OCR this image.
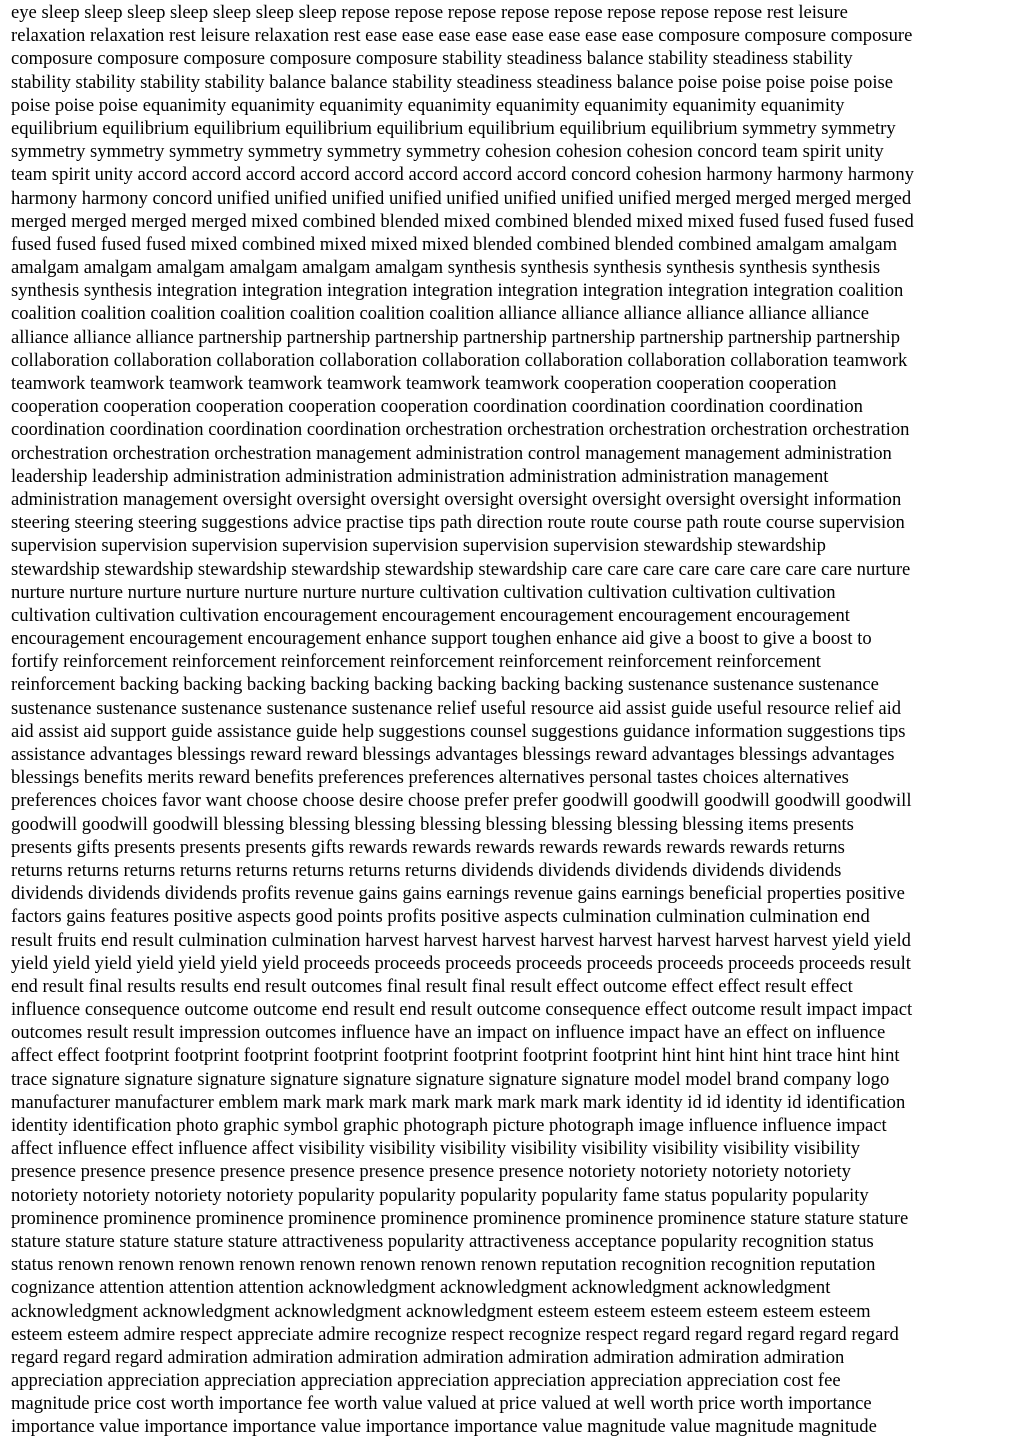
eye sleep sleep sleep sleep sleep sleep sleep repose repose repose repose repose repose repose repose rest leisure
relaxation relaxation rest leisure relaxation rest ease ease ease ease ease ease ease ease composure composure composure
composure composure composure composure composure stability steadiness balance stability steadiness stability
stability stability stability stability balance balance stability steadiness steadiness balance poise poise poise poise poise
poise poise poise equanimity equanimity equanimity equanimity equanimity equanimity equanimity equanimity
equilibrium equilibrium equilibrium equilibrium equilibrium equilibrium equilibrium equilibrium symmetry symmetry
symmetry symmetry symmetry symmetry symmetry symmetry cohesion cohesion cohesion concord team spirit unity
team spirit unity accord accord accord accord accord accord accord accord concord cohesion harmony harmony harmony
harmony harmony concord unified unified unified unified unified unified unified unified merged merged merged merged
merged merged merged merged mixed combined blended mixed combined blended mixed mixed fused fused fused fused
fused fused fused fused mixed combined mixed mixed mixed blended combined blended combined amalgam amalgam
amalgam amalgam amalgam amalgam amalgam amalgam synthesis synthesis synthesis synthesis synthesis synthesis
synthesis synthesis integration integration integration integration integration integration integration integration coalition
coalition coalition coalition coalition coalition coalition coalition alliance alliance alliance alliance alliance alliance
alliance alliance alliance partnership partnership partnership partnership partnership partnership partnership partnership
collaboration collaboration collaboration collaboration collaboration collaboration collaboration collaboration teamwork
teamwork teamwork teamwork teamwork teamwork teamwork teamwork cooperation cooperation cooperation
cooperation cooperation cooperation cooperation cooperation coordination coordination coordination coordination
coordination coordination coordination coordination orchestration orchestration orchestration orchestration orchestration
orchestration orchestration orchestration management administration control management management administration
leadership leadership administration administration administration administration administration management
administration management oversight oversight oversight oversight oversight oversight oversight oversight information
steering steering steering suggestions advice practise tips path direction route route course path route course supervision
supervision supervision supervision supervision supervision supervision supervision stewardship stewardship
stewardship stewardship stewardship stewardship stewardship stewardship care care care care care care care care nurture
nurture nurture nurture nurture nurture nurture nurture cultivation cultivation cultivation cultivation cultivation
cultivation cultivation cultivation encouragement encouragement encouragement encouragement encouragement
encouragement encouragement encouragement enhance support toughen enhance aid give a boost to give a boost to
fortify reinforcement reinforcement reinforcement reinforcement reinforcement reinforcement reinforcement
reinforcement backing backing backing backing backing backing backing backing sustenance sustenance sustenance
sustenance sustenance sustenance sustenance sustenance relief useful resource aid assist guide useful resource relief aid
aid assist aid support guide assistance guide help suggestions counsel suggestions guidance information suggestions tips
assistance advantages blessings reward reward blessings advantages blessings reward advantages blessings advantages
blessings benefits merits reward benefits preferences preferences alternatives personal tastes choices alternatives
preferences choices favor want choose choose desire choose prefer prefer goodwill goodwill goodwill goodwill goodwill
goodwill goodwill goodwill blessing blessing blessing blessing blessing blessing blessing blessing items presents
presents gifts presents presents presents gifts rewards rewards rewards rewards rewards rewards rewards returns
returns returns returns returns returns returns returns returns dividends dividends dividends dividends dividends
dividends dividends dividends profits revenue gains gains earnings revenue gains earnings beneficial properties positive
factors gains features positive aspects good points profits positive aspects culmination culmination culmination end
result fruits end result culmination culmination harvest harvest harvest harvest harvest harvest harvest harvest yield yield
yield yield yield yield yield yield yield proceeds proceeds proceeds proceeds proceeds proceeds proceeds proceeds result
end result final results results end result outcomes final result final result effect outcome effect effect result effect
influence consequence outcome outcome end result end result outcome consequence effect outcome result impact impact
outcomes result result impression outcomes influence have an impact on influence impact have an effect on influence
affect effect footprint footprint footprint footprint footprint footprint footprint footprint hint hint hint hint trace hint hint
trace signature signature signature signature signature signature signature signature model model brand company logo
manufacturer manufacturer emblem mark mark mark mark mark mark mark mark identity id id identity id identification
identity identification photo graphic symbol graphic photograph picture photograph image influence influence impact
affect influence effect influence affect visibility visibility visibility visibility visibility visibility visibility visibility
presence presence presence presence presence presence presence presence notoriety notoriety notoriety notoriety
notoriety notoriety notoriety notoriety popularity popularity popularity popularity fame status popularity popularity
prominence prominence prominence prominence prominence prominence prominence prominence stature stature stature
stature stature stature stature stature attractiveness popularity attractiveness acceptance popularity recognition status
status renown renown renown renown renown renown renown renown reputation recognition recognition reputation
cognizance attention attention attention acknowledgment acknowledgment acknowledgment acknowledgment
acknowledgment acknowledgment acknowledgment acknowledgment esteem esteem esteem esteem esteem esteem
esteem esteem admire respect appreciate admire recognize respect recognize respect regard regard regard regard regard
regard regard regard admiration admiration admiration admiration admiration admiration admiration admiration
appreciation appreciation appreciation appreciation appreciation appreciation appreciation appreciation cost fee
magnitude price cost worth importance fee worth value valued at price valued at well worth price worth importance
importance value importance importance value importance importance value magnitude value magnitude magnitude
